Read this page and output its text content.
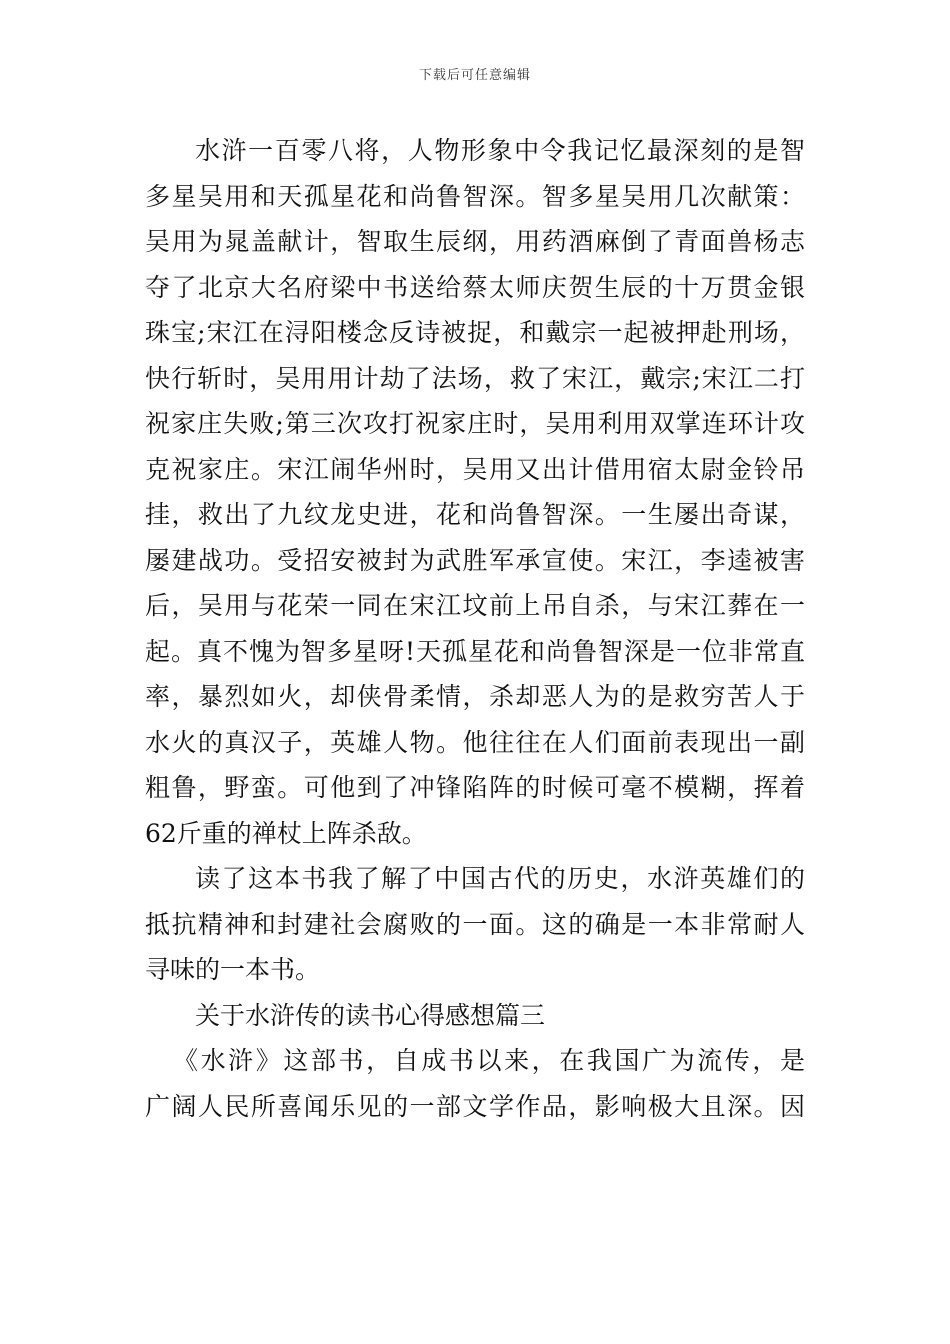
下载后可任意编辑
水浒一百零八将，人物形象中令我记忆最深刻的是智
多星吴用和天孤星花和尚鲁智深。智多星吴用几次献策：
吴用为晁盖献计，智取生辰纲，用药酒麻倒了青面兽杨志
夺了北京大名府梁中书送给蔡太师庆贺生辰的十万贯金银
珠宝;宋江在浔阳楼念反诗被捉，和戴宗一起被押赴刑场，
快行斩时，吴用用计劫了法场，救了宋江，戴宗;宋江二打
祝家庄失败;第三次攻打祝家庄时，吴用利用双掌连环计攻
克祝家庄。宋江闹华州时，吴用又出计借用宿太尉金铃吊
挂，救出了九纹龙史进，花和尚鲁智深。一生屡出奇谋，
屡建战功。受招安被封为武胜军承宣使。宋江，李逵被害
后，吴用与花荣一同在宋江坟前上吊自杀，与宋江葬在一
起。真不愧为智多星呀!天孤星花和尚鲁智深是一位非常直
率，暴烈如火，却侠骨柔情，杀却恶人为的是救穷苦人于
水火的真汉子，英雄人物。他往往在人们面前表现出一副
粗鲁，野蛮。可他到了冲锋陷阵的时候可毫不模糊，挥着
62斤重的禅杖上阵杀敌。
读了这本书我了解了中国古代的历史，水浒英雄们的
抵抗精神和封建社会腐败的一面。这的确是一本非常耐人
寻味的一本书。
关于水浒传的读书心得感想篇三
《水浒》这部书，自成书以来，在我国广为流传，是
广阔人民所喜闻乐见的一部文学作品，影响极大且深。因
